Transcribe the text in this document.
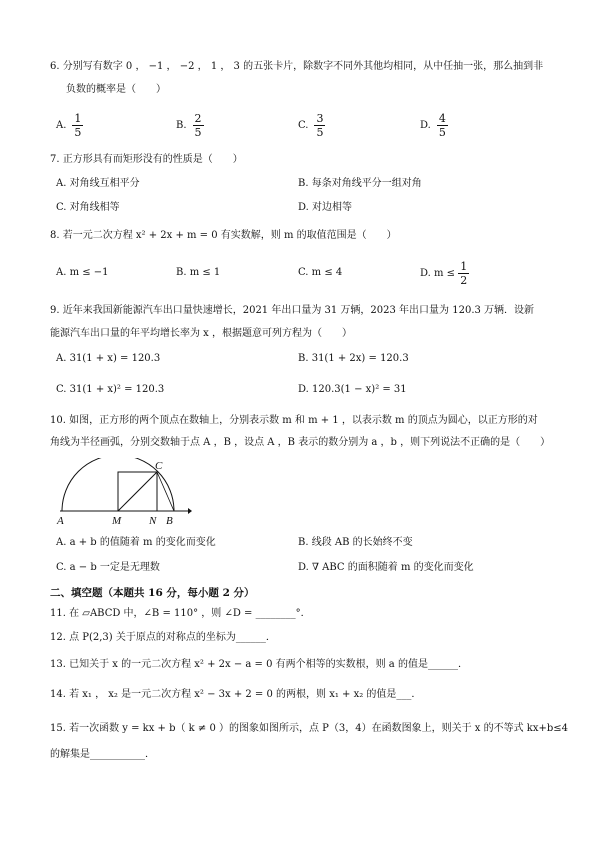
6. 分别写有数字 0 ， −1 ， −2 ， 1 ， 3 的五张卡片，除数字不同外其他均相同，从中任抽一张，那么抽到非
负数的概率是（　　）
A. $\frac{1}{5}$	B. $\frac{2}{5}$	C. $\frac{3}{5}$	D. $\frac{4}{5}$
7. 正方形具有而矩形没有的性质是（　　）
A. 对角线互相平分	B. 每条对角线平分一组对角
C. 对角线相等	D. 对边相等
8. 若一元二次方程 x² + 2x + m = 0 有实数解，则 m 的取值范围是（　　）
A. m ≤ −1	B. m ≤ 1	C. m ≤ 4	D. $m \le \frac{1}{2}$
9. 近年来我国新能源汽车出口量快速增长，2021 年出口量为 31 万辆，2023 年出口量为 120.3 万辆．设新
能源汽车出口量的年平均增长率为 x ，根据题意可列方程为（　　）
A. 31(1 + x) = 120.3	B. 31(1 + 2x) = 120.3
C. 31(1 + x)² = 120.3	D. 120.3(1 − x)² = 31
10. 如图，正方形的两个顶点在数轴上，分别表示数 m 和 m + 1 ，以表示数 m 的顶点为圆心，以正方形的对
角线为半径画弧，分别交数轴于点 A ，B ，设点 A ，B 表示的数分别为 a ，b ，则下列说法不正确的是（　　）
A	M	N B
C
A. a + b 的值随着 m 的变化而变化	B. 线段 AB 的长始终不变
C. a − b 一定是无理数	D. ∇ ABC 的面积随着 m 的变化而变化
二、填空题（本题共 16 分，每小题 2 分）
11. 在 ▱ABCD 中，∠B = 110° ，则 ∠D = ________°．
12. 点 P(2,3) 关于原点的对称点的坐标为______．
13. 已知关于 x 的一元二次方程 x² + 2x − a = 0 有两个相等的实数根，则 a 的值是______．
14. 若 x₁ ， x₂ 是一元二次方程 x² − 3x + 2 = 0 的两根，则 x₁ + x₂ 的值是___．
15. 若一次函数 y = kx + b（ k ≠ 0 ）的图象如图所示，点 P（3，4）在函数图象上，则关于 x 的不等式 kx+b≤4
的解集是___________．
